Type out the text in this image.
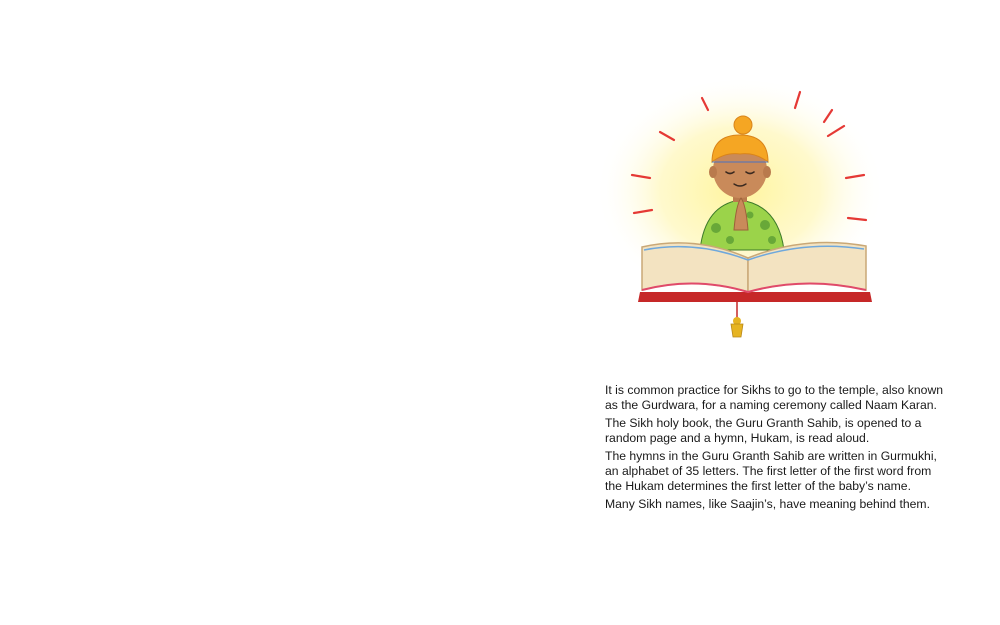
It is common practice for Sikhs to go to the temple, also known as the Gurdwara, for a naming ceremony called Naam Karan.

The Sikh holy book, the Guru Granth Sahib, is opened to a random page and a hymn, Hukam, is read aloud.

The hymns in the Guru Granth Sahib are written in Gurmukhi, an alphabet of 35 letters. The first letter of the first word from the Hukam determines the first letter of the baby’s name.

Many Sikh names, like Saajin’s, have meaning behind them.
